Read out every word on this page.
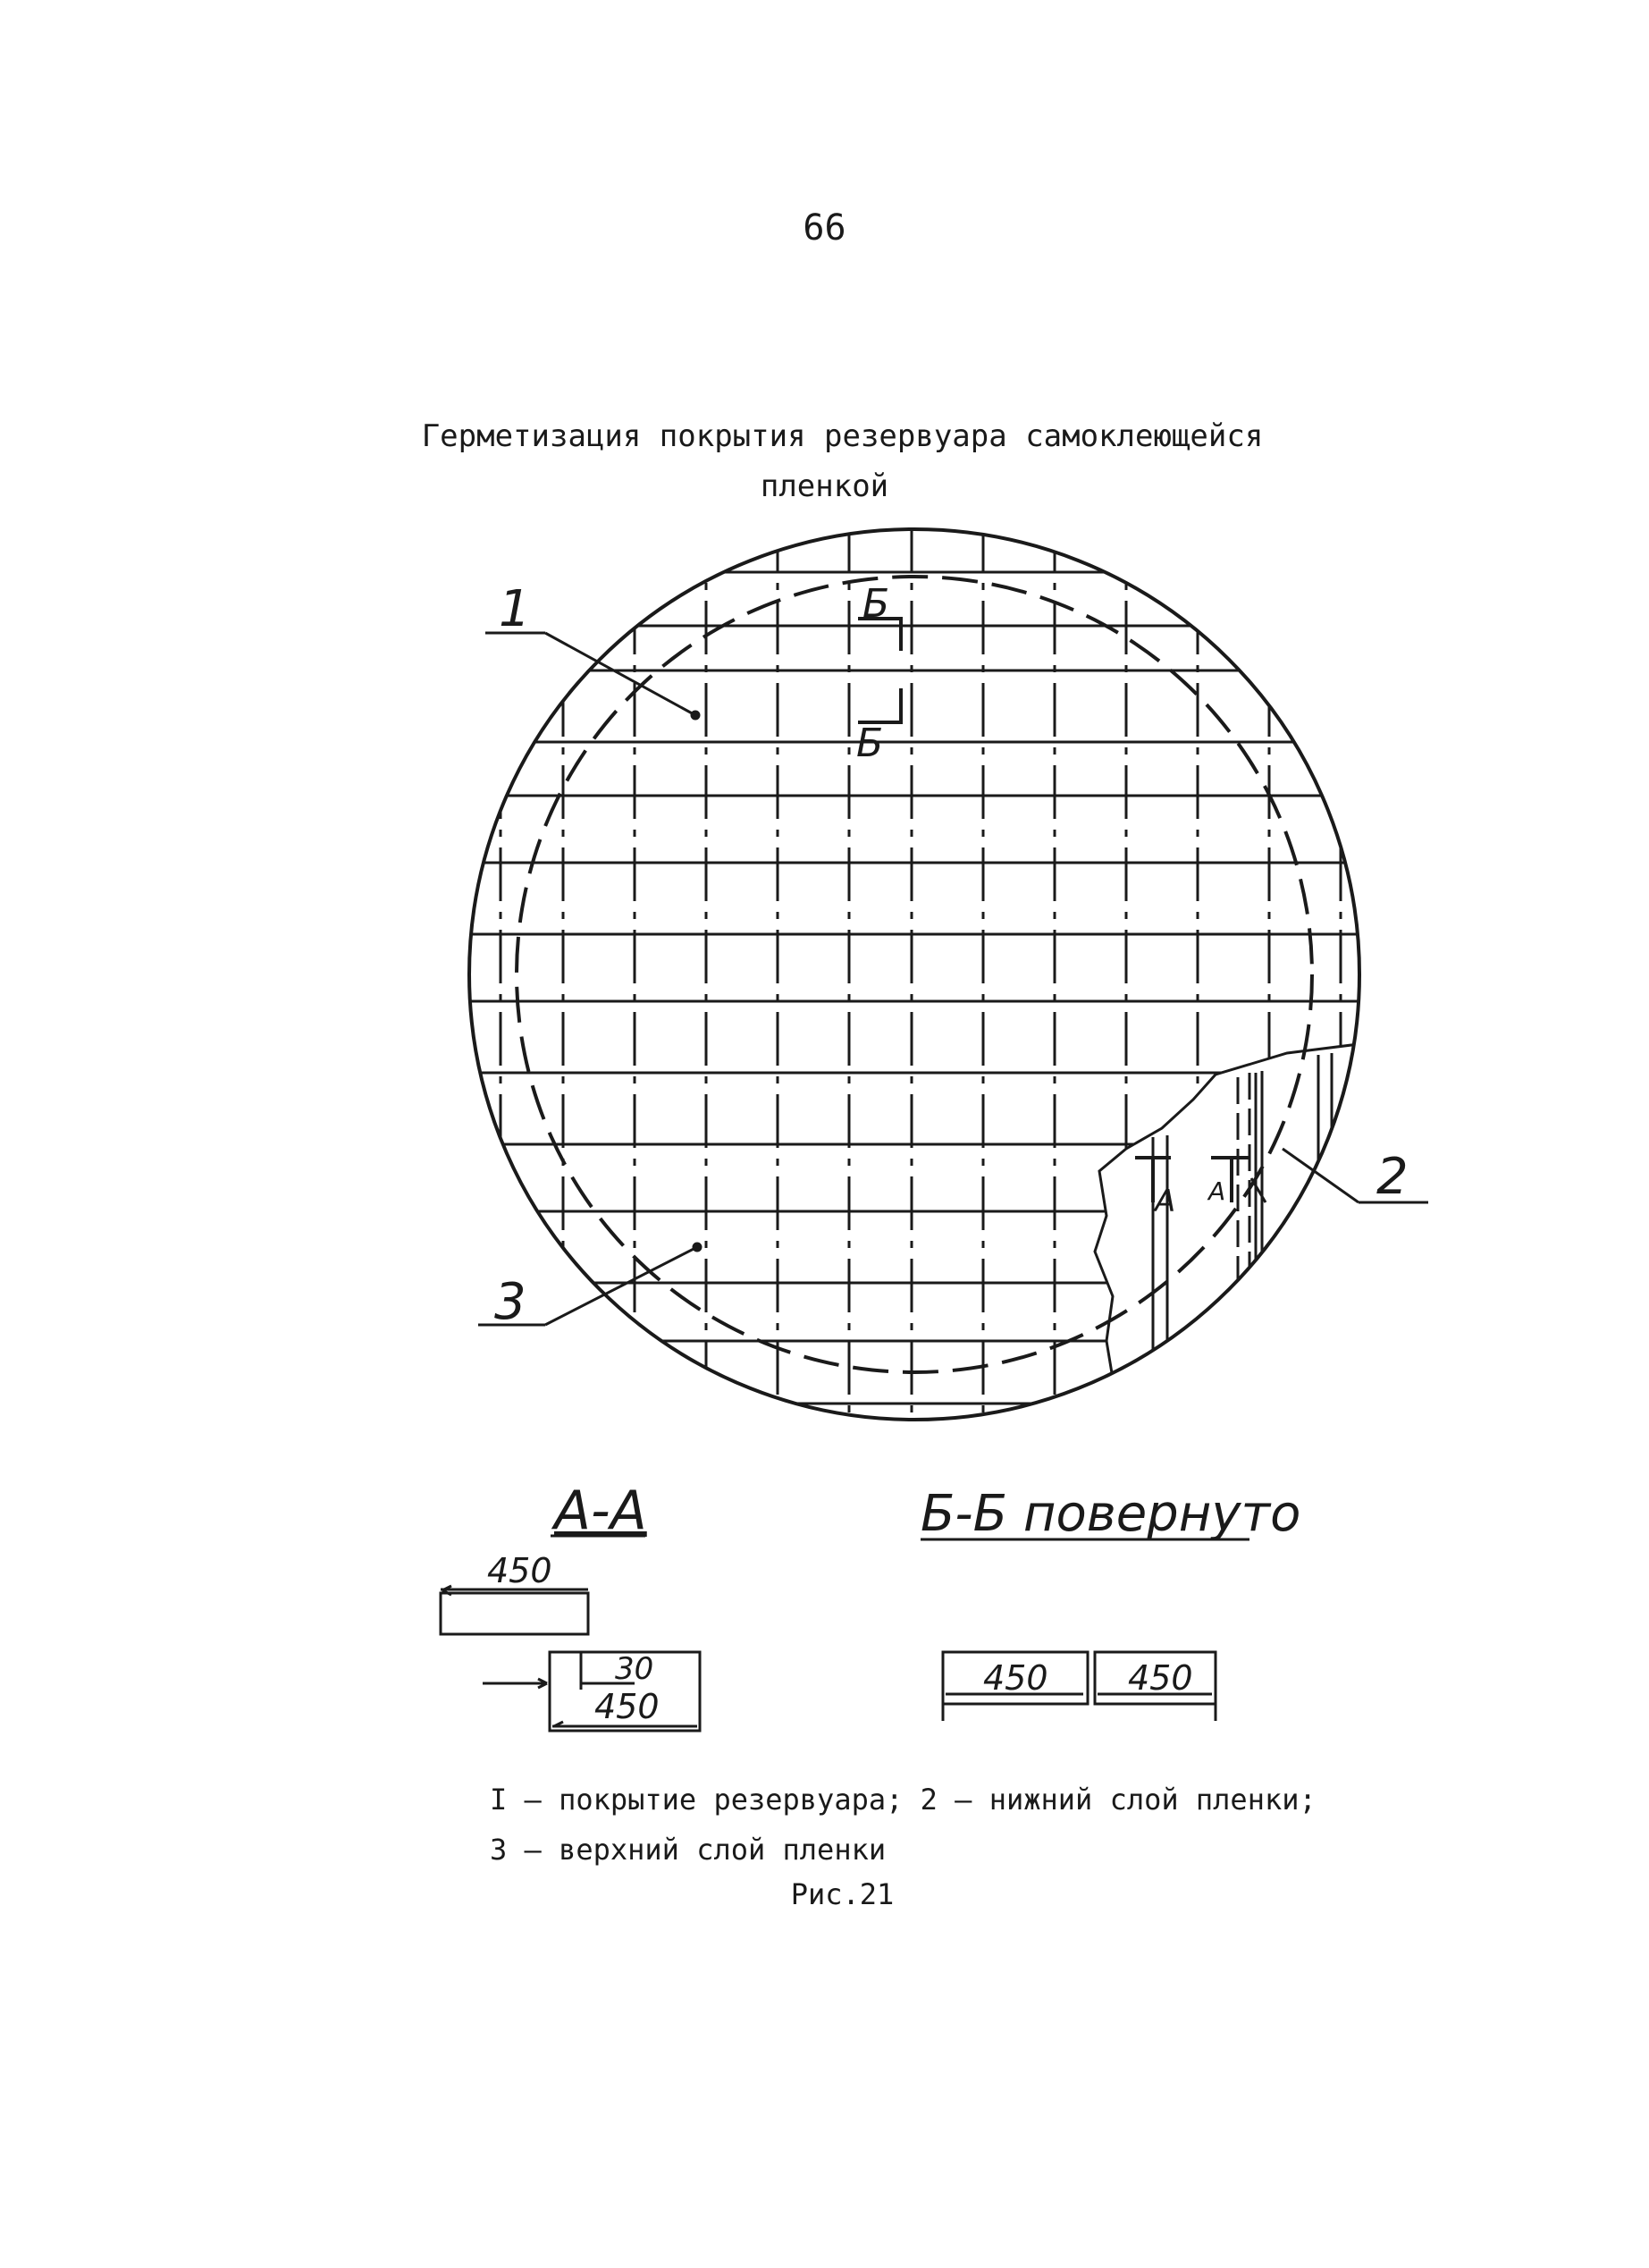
66
Герметизация покрытия резервуара самоклеющейся
пленкой
Б
Б
А А
1
2
3
А-А
450
30
450
Б-Б повернуто
450 450
I – покрытие резервуара; 2 – нижний слой пленки;
3 – верхний слой пленки
Рис.21
